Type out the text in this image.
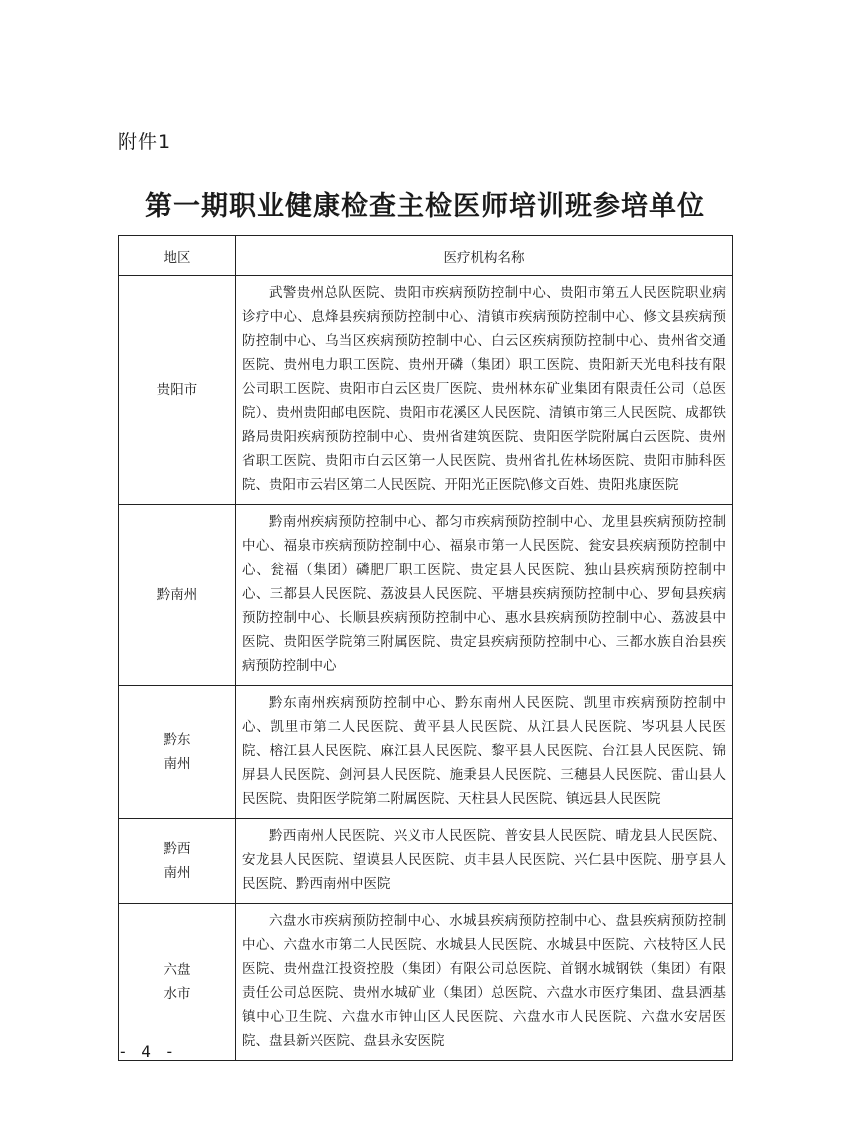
附件1
第一期职业健康检查主检医师培训班参培单位
地区	医疗机构名称
贵阳市	武警贵州总队医院、贵阳市疾病预防控制中心、贵阳市第五人民医院职业病诊疗中心、息烽县疾病预防控制中心、清镇市疾病预防控制中心、修文县疾病预防控制中心、乌当区疾病预防控制中心、白云区疾病预防控制中心、贵州省交通医院、贵州电力职工医院、贵州开磷（集团）职工医院、贵阳新天光电科技有限公司职工医院、贵阳市白云区贵厂医院、贵州林东矿业集团有限责任公司（总医院）、贵州贵阳邮电医院、贵阳市花溪区人民医院、清镇市第三人民医院、成都铁路局贵阳疾病预防控制中心、贵州省建筑医院、贵阳医学院附属白云医院、贵州省职工医院、贵阳市白云区第一人民医院、贵州省扎佐林场医院、贵阳市肺科医院、贵阳市云岩区第二人民医院、开阳光正医院\修文百姓、贵阳兆康医院
黔南州	黔南州疾病预防控制中心、都匀市疾病预防控制中心、龙里县疾病预防控制中心、福泉市疾病预防控制中心、福泉市第一人民医院、瓮安县疾病预防控制中心、瓮福（集团）磷肥厂职工医院、贵定县人民医院、独山县疾病预防控制中心、三都县人民医院、荔波县人民医院、平塘县疾病预防控制中心、罗甸县疾病预防控制中心、长顺县疾病预防控制中心、惠水县疾病预防控制中心、荔波县中医院、贵阳医学院第三附属医院、贵定县疾病预防控制中心、三都水族自治县疾病预防控制中心
黔东
南州	黔东南州疾病预防控制中心、黔东南州人民医院、凯里市疾病预防控制中心、凯里市第二人民医院、黄平县人民医院、从江县人民医院、岑巩县人民医院、榕江县人民医院、麻江县人民医院、黎平县人民医院、台江县人民医院、锦屏县人民医院、剑河县人民医院、施秉县人民医院、三穗县人民医院、雷山县人民医院、贵阳医学院第二附属医院、天柱县人民医院、镇远县人民医院
黔西
南州	黔西南州人民医院、兴义市人民医院、普安县人民医院、晴龙县人民医院、安龙县人民医院、望谟县人民医院、贞丰县人民医院、兴仁县中医院、册亨县人民医院、黔西南州中医院
六盘
水市	六盘水市疾病预防控制中心、水城县疾病预防控制中心、盘县疾病预防控制中心、六盘水市第二人民医院、水城县人民医院、水城县中医院、六枝特区人民医院、贵州盘江投资控股（集团）有限公司总医院、首钢水城钢铁（集团）有限责任公司总医院、贵州水城矿业（集团）总医院、六盘水市医疗集团、盘县洒基镇中心卫生院、六盘水市钟山区人民医院、六盘水市人民医院、六盘水安居医院、盘县新兴医院、盘县永安医院
- 4 -
